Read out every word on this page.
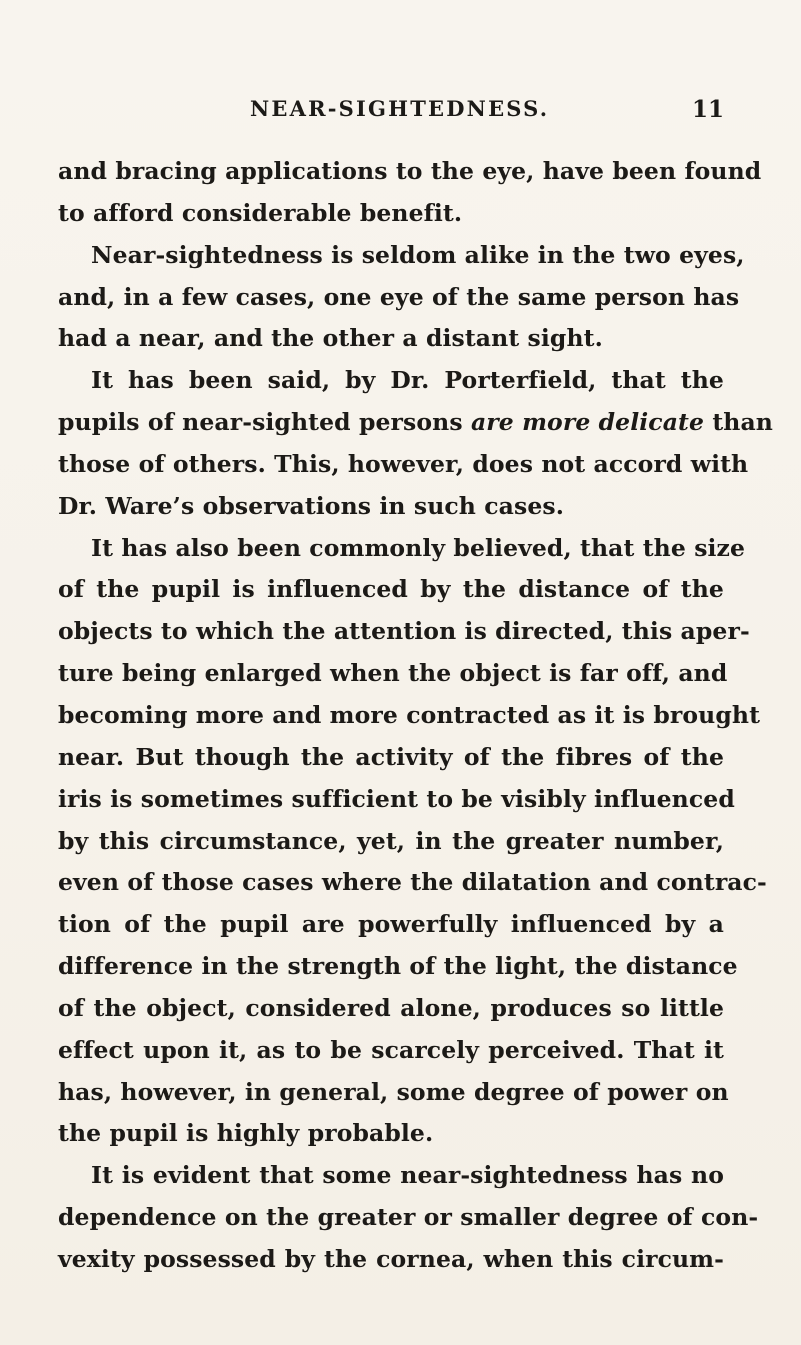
NEAR-SIGHTEDNESS.	11
and bracing applications to the eye, have been found
to afford considerable benefit.
Near-sightedness is seldom alike in the two eyes,
and, in a few cases, one eye of the same person has
had a near, and the other a distant sight.
It has been said, by Dr. Porterfield, that the
pupils of near-sighted persons are more delicate than
those of others. This, however, does not accord with
Dr. Ware’s observations in such cases.
It has also been commonly believed, that the size
of the pupil is influenced by the distance of the
objects to which the attention is directed, this aper-
ture being enlarged when the object is far off, and
becoming more and more contracted as it is brought
near. But though the activity of the fibres of the
iris is sometimes sufficient to be visibly influenced
by this circumstance, yet, in the greater number,
even of those cases where the dilatation and contrac-
tion of the pupil are powerfully influenced by a
difference in the strength of the light, the distance
of the object, considered alone, produces so little
effect upon it, as to be scarcely perceived. That it
has, however, in general, some degree of power on
the pupil is highly probable.
It is evident that some near-sightedness has no
dependence on the greater or smaller degree of con-
vexity possessed by the cornea, when this circum-
